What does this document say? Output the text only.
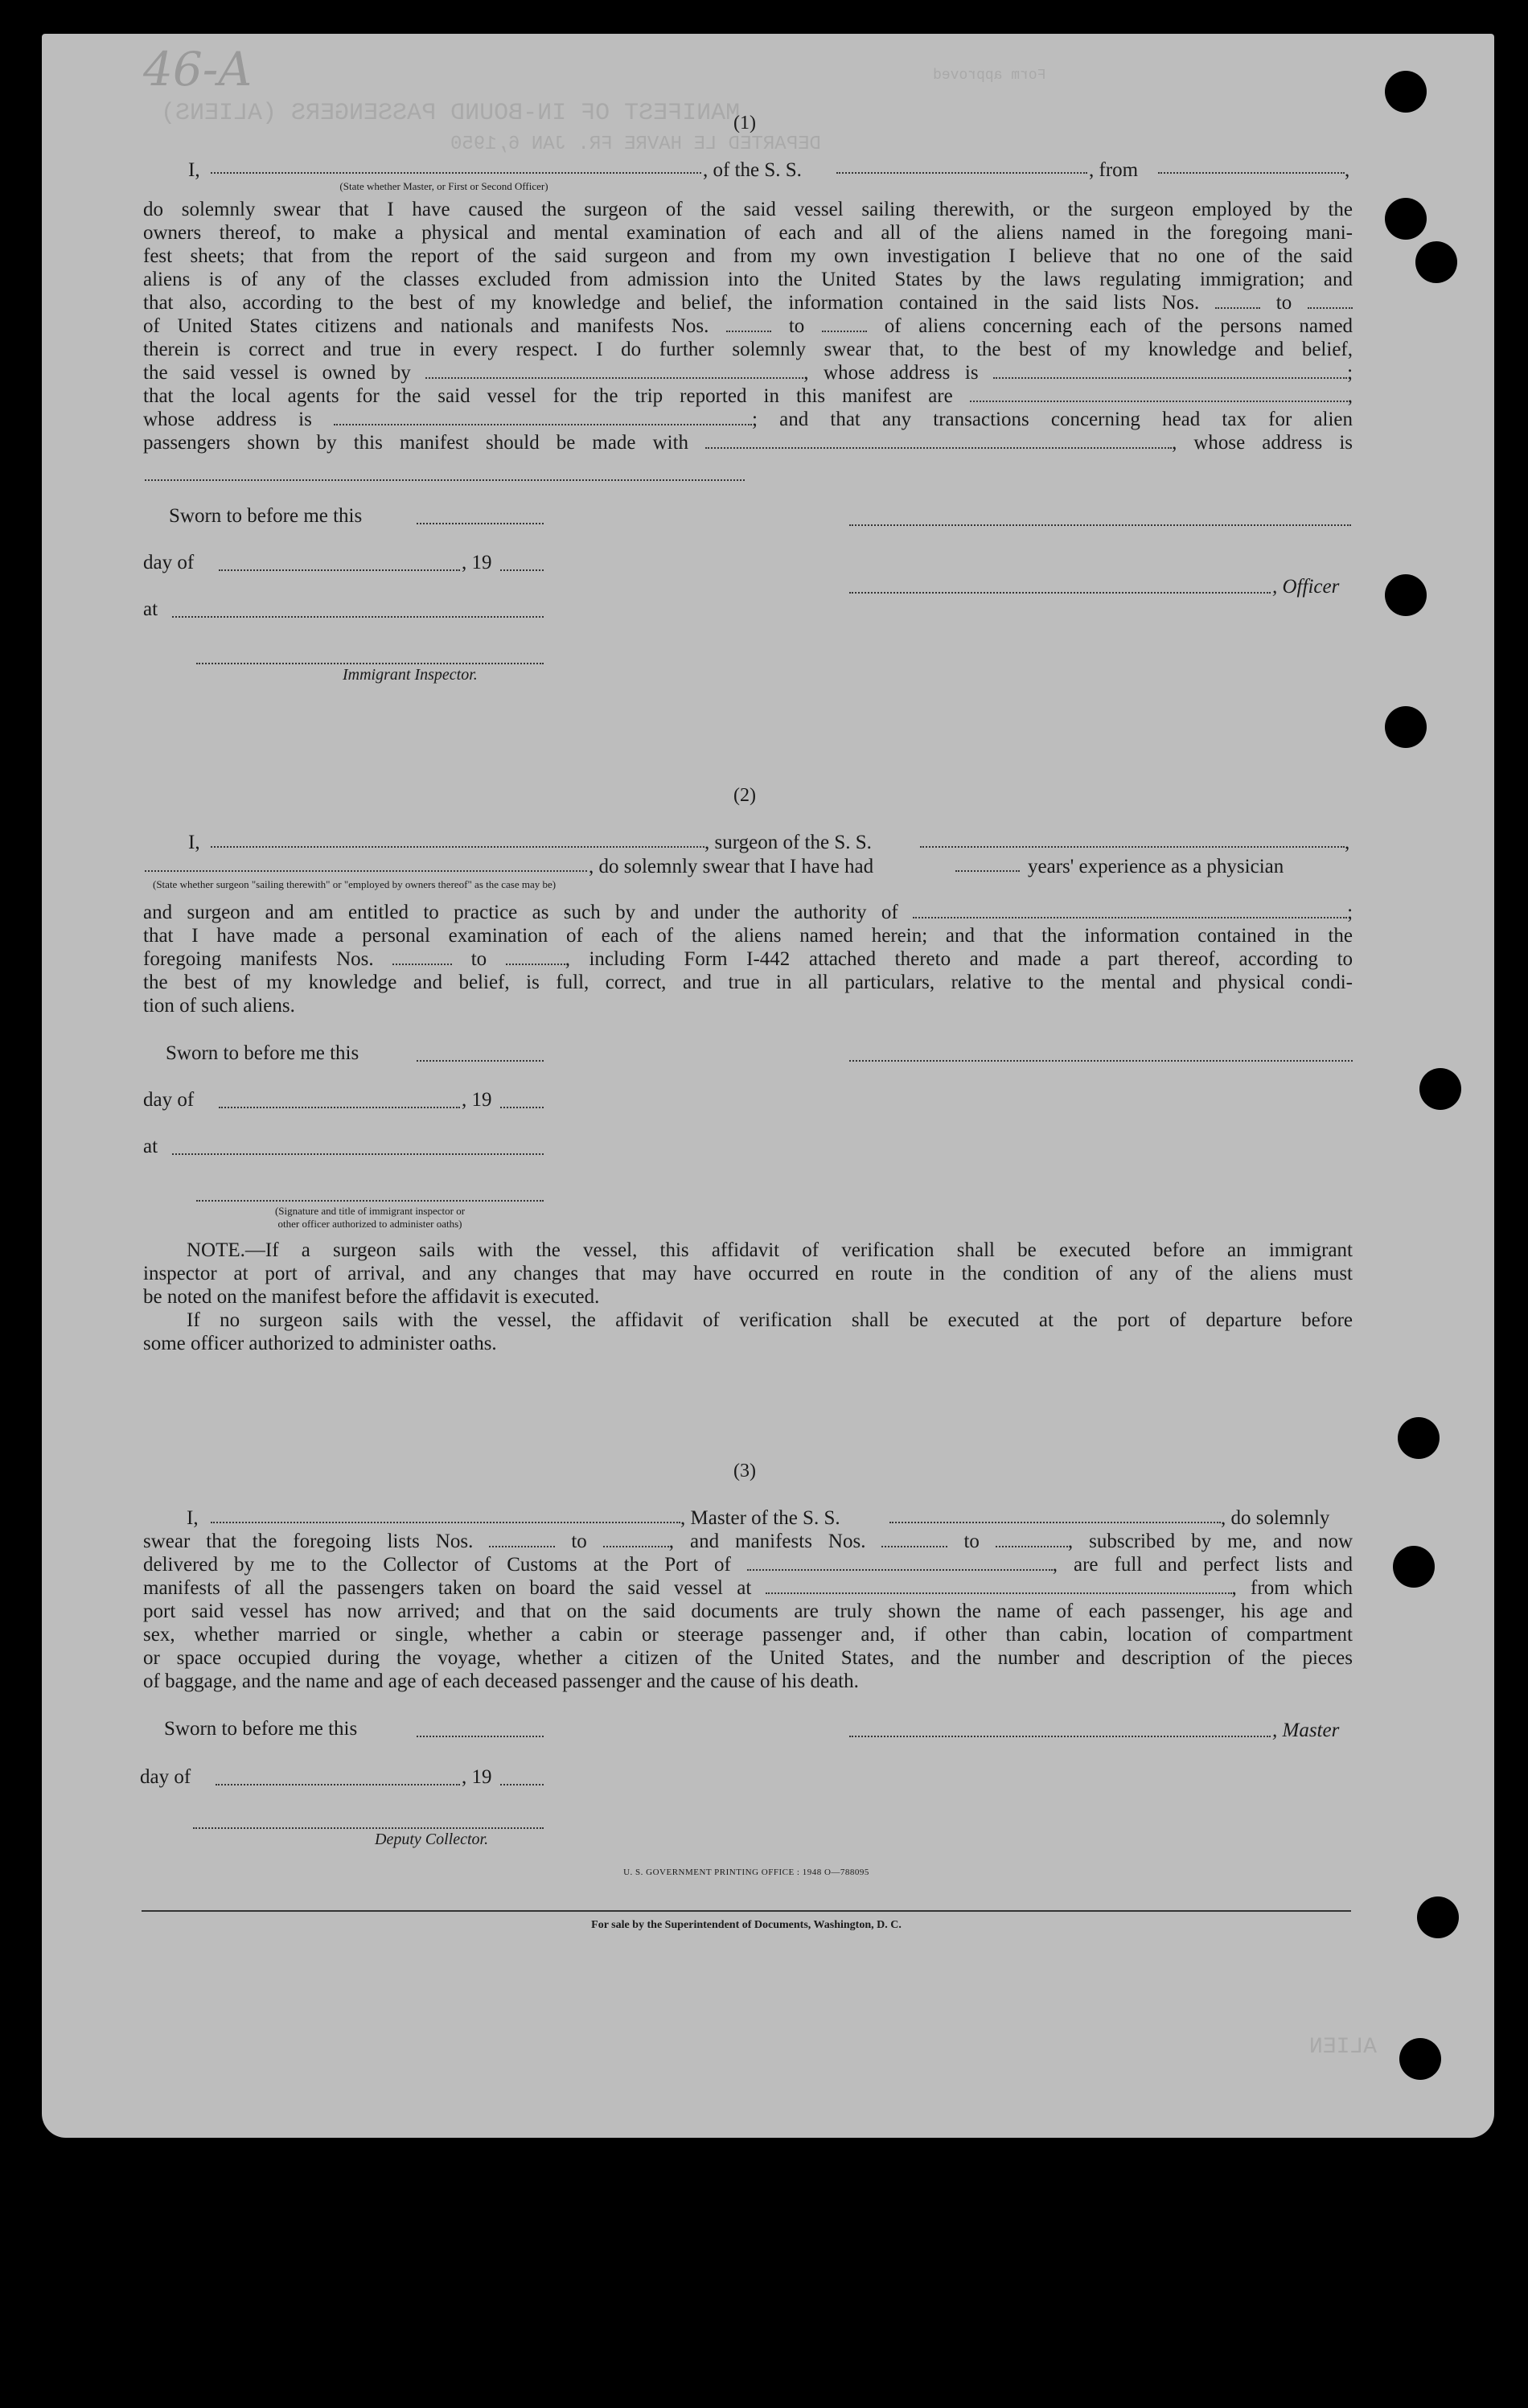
46-A
MANIFEST OF IN-BOUND PASSENGERS (ALIENS)
DEPARTED LE HAVRE FR. JAN 6,1950
Form approved
ALIEN
(1)
I,	, of the S. S.	, from	,
(State whether Master, or First or Second Officer)
do solemnly swear that I have caused the surgeon of the said vessel sailing therewith, or the surgeon employed by the
owners thereof, to make a physical and mental examination of each and all of the aliens named in the foregoing mani-
fest sheets; that from the report of the said surgeon and from my own investigation I believe that no one of the said
aliens is of any of the classes excluded from admission into the United States by the laws regulating immigration; and
that also, according to the best of my knowledge and belief, the information contained in the said lists Nos.	to
of United States citizens and nationals and manifests Nos.	to	of aliens concerning each of the persons named
therein is correct and true in every respect. I do further solemnly swear that, to the best of my knowledge and belief,
the said vessel is owned by	, whose address is	;
that the local agents for the said vessel for the trip reported in this manifest are	,
whose address is	; and that any transactions concerning head tax for alien
passengers shown by this manifest should be made with	, whose address is
Sworn to before me this
day of	, 19
, Officer
at
Immigrant Inspector.
(2)
I,	, surgeon of the S. S.	,
, do solemnly swear that I have had	years' experience as a physician
(State whether surgeon "sailing therewith" or "employed by owners thereof" as the case may be)
and surgeon and am entitled to practice as such by and under the authority of	;
that I have made a personal examination of each of the aliens named herein; and that the information contained in the
foregoing manifests Nos.	to	, including Form I-442 attached thereto and made a part thereof, according to
the best of my knowledge and belief, is full, correct, and true in all particulars, relative to the mental and physical condi-
tion of such aliens.
Sworn to before me this
day of	, 19
at
(Signature and title of immigrant inspector or
other officer authorized to administer oaths)
NOTE.—If a surgeon sails with the vessel, this affidavit of verification shall be executed before an immigrant
inspector at port of arrival, and any changes that may have occurred en route in the condition of any of the aliens must
be noted on the manifest before the affidavit is executed.
If no surgeon sails with the vessel, the affidavit of verification shall be executed at the port of departure before
some officer authorized to administer oaths.
(3)
I,	, Master of the S. S.	, do solemnly
swear that the foregoing lists Nos.	to	, and manifests Nos.	to	, subscribed by me, and now
delivered by me to the Collector of Customs at the Port of	, are full and perfect lists and
manifests of all the passengers taken on board the said vessel at	, from which
port said vessel has now arrived; and that on the said documents are truly shown the name of each passenger, his age and
sex, whether married or single, whether a cabin or steerage passenger and, if other than cabin, location of compartment
or space occupied during the voyage, whether a citizen of the United States, and the number and description of the pieces
of baggage, and the name and age of each deceased passenger and the cause of his death.
Sworn to before me this	, Master
day of	, 19
Deputy Collector.
U. S. GOVERNMENT PRINTING OFFICE : 1948 O—788095
For sale by the Superintendent of Documents, Washington, D. C.
